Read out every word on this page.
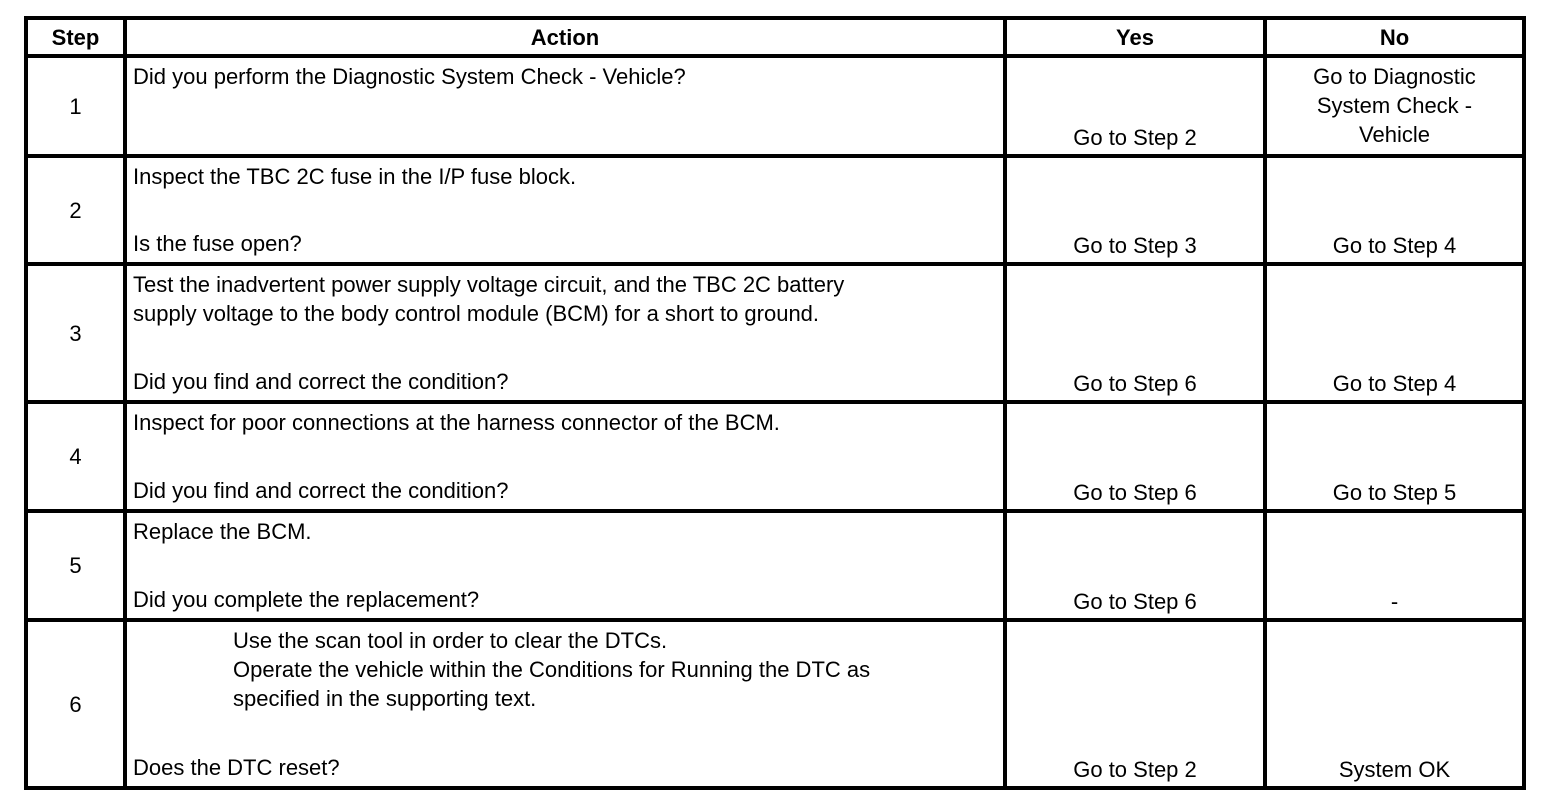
Step	Action	Yes	No
1	Did you perform the Diagnostic System Check - Vehicle?	Go to Step 2	Go to Diagnostic
System Check -
Vehicle

2	Inspect the TBC 2C fuse in the I/P fuse block.
Is the fuse open?	Go to Step 3	Go to Step 4

3	Test the inadvertent power supply voltage circuit, and the TBC 2C battery
supply voltage to the body control module (BCM) for a short to ground.
Did you find and correct the condition?	Go to Step 6	Go to Step 4

4	Inspect for poor connections at the harness connector of the BCM.
Did you find and correct the condition?	Go to Step 6	Go to Step 5

5	Replace the BCM.
Did you complete the replacement?	Go to Step 6	-

6	Use the scan tool in order to clear the DTCs.
Operate the vehicle within the Conditions for Running the DTC as
specified in the supporting text.
Does the DTC reset?	Go to Step 2	System OK
